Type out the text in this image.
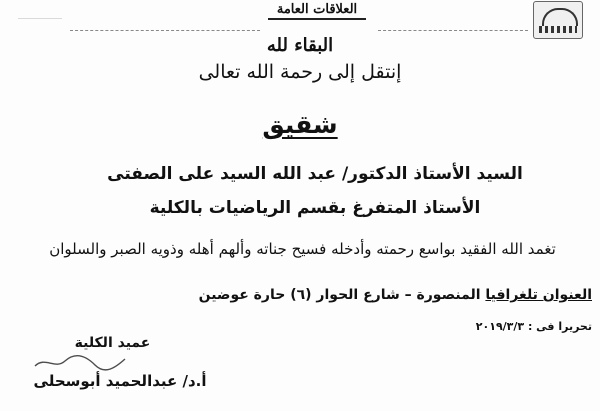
العلاقات العامة
البقاء لله
إنتقل إلى رحمة الله تعالى
شقيق
السيد الأستاذ الدكتور/ عبد الله السيد على الصفتى
الأستاذ المتفرغ بقسم الرياضيات بالكلية
تغمد الله الفقيد بواسع رحمته وأدخله فسيح جناته وألهم أهله وذويه الصبر والسلوان
العنوان تلغرافيا المنصورة – شارع الحوار (٦) حارة عوضين
تحريرا فى : ٢٠١٩/٣/٣
عميد الكلية
أ.د/ عبدالحميد أبوسحلى
